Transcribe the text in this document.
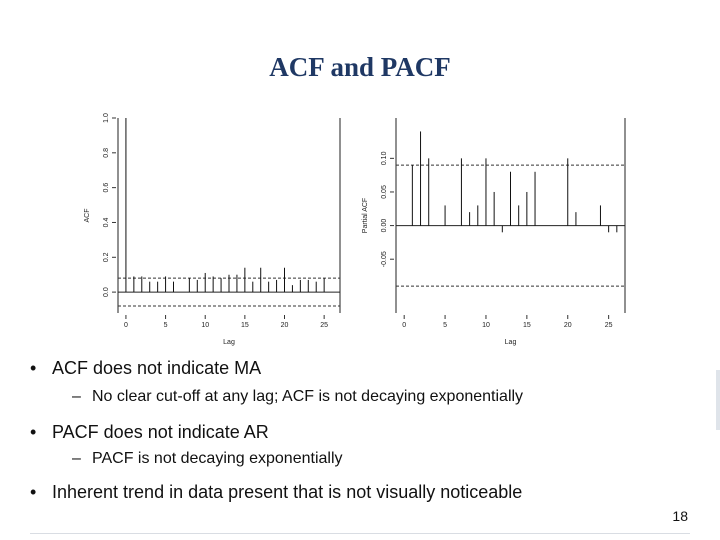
ACF and PACF
0	5	10	15	20	25
Lag
0.0
0.2
0.4
0.6
0.8
1.0
ACF
0	5	10	15	20	25
Lag
-0.05
0.00
0.05
0.10
Partial ACF
• ACF does not indicate MA
– No clear cut-off at any lag; ACF is not decaying exponentially
• PACF does not indicate AR
– PACF is not decaying exponentially
• Inherent trend in data present that is not visually noticeable
18
